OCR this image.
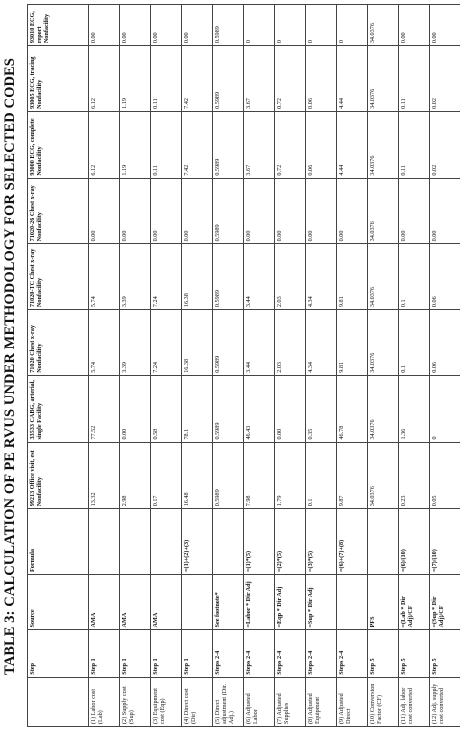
TABLE 3: CALCULATION OF PE RVUS UNDER METHODOLOGY FOR SELECTED CODES
		Step	Source	Formula	99213 Office visit, est Nonfacility	33533 CABG, arterial, single Facility	71020 Chest x-ray Nonfacility	71020-TC Chest x-ray Nonfacility	71020-26 Chest x-ray Nonfacility	93000 ECG, complete Nonfacility	93005 ECG, tracing Nonfacility	93010 ECG, report Nonfacility
(1) Labor cost (Lab)	Step 1	AMA		13.32	77.52	5.74	5.74	0.00	6.12	6.12	0.00
(2) Supply cost (Sup)	Step 1	AMA		2.98	0.00	3.39	3.39	0.00	1.19	1.19	0.00
(3) Equipment cost (Eqp)	Step 1	AMA		0.17	0.58	7.24	7.24	0.00	0.11	0.11	0.00
(4) Direct cost (Dir)	Step 1		=(1)+(2)+(3)	16.48	78.1	16.38	16.38	0.00	7.42	7.42	0.00
(5) Direct adjustment (Dir. Adj.)	Steps 2-4	See footnote*		0.5989	0.5989	0.5989	0.5989	0.5989	0.5989	0.5989	0.5989
(6) Adjusted Labor	Steps 2-4	=Labor * Dir Adj	=(1)*(5)	7.98	46.43	3.44	3.44	0.00	3.67	3.67	0
(7) Adjusted Supplies	Steps 2-4	=Eqp * Dir Adj	=(2)*(5)	1.79	0.00	2.03	2.03	0.00	0.72	0.72	0
(8) Adjusted Equipment	Steps 2-4	=Sup * Dir Adj	=(3)*(5)	0.1	0.35	4.34	4.34	0.00	0.06	0.06	0
(9) Adjusted Direct	Steps 2-4		=(6)+(7)+(8)	9.87	46.78	9.81	9.81	0.00	4.44	4.44	0
(10) Conversion Factor (CF)	Step 5	PFS		34.0376	34.0376	34.0376	34.0376	34.0376	34.0376	34.0376	34.0376
(11) Adj. labor cost converted	Step 5	=(Lab * Dir Adj)/CF	=(6)/(10)	0.23	1.36	0.1	0.1	0.00	0.11	0.11	0.00
(12) Adj. supply cost converted	Step 5	=(Sup * Dir Adj)/CF	=(7)/(10)	0.05	0	0.06	0.06	0.00	0.02	0.02	0.00
